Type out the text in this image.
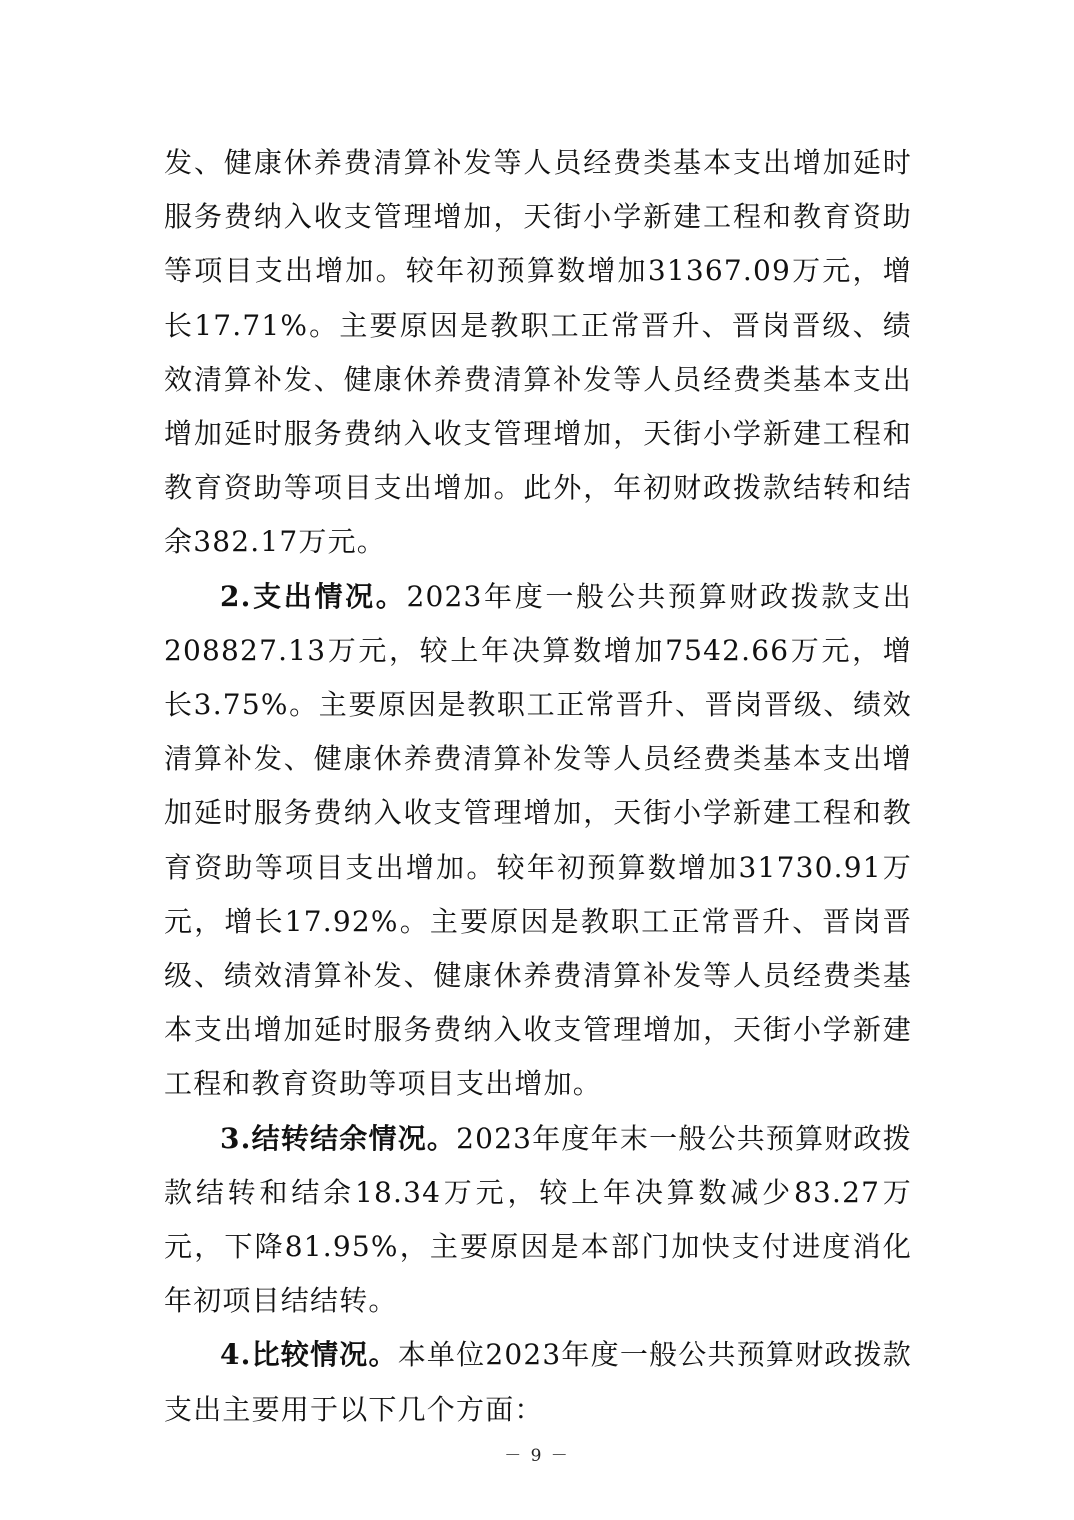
发、健康休养费清算补发等人员经费类基本支出增加延时服务费纳入收支管理增加，天街小学新建工程和教育资助等项目支出增加。较年初预算数增加31367.09万元，增长17.71%。主要原因是教职工正常晋升、晋岗晋级、绩效清算补发、健康休养费清算补发等人员经费类基本支出增加延时服务费纳入收支管理增加，天街小学新建工程和教育资助等项目支出增加。此外，年初财政拨款结转和结余382.17万元。

2.支出情况。2023年度一般公共预算财政拨款支出208827.13万元，较上年决算数增加7542.66万元，增长3.75%。主要原因是教职工正常晋升、晋岗晋级、绩效清算补发、健康休养费清算补发等人员经费类基本支出增加延时服务费纳入收支管理增加，天街小学新建工程和教育资助等项目支出增加。较年初预算数增加31730.91万元，增长17.92%。主要原因是教职工正常晋升、晋岗晋级、绩效清算补发、健康休养费清算补发等人员经费类基本支出增加延时服务费纳入收支管理增加，天街小学新建工程和教育资助等项目支出增加。

3.结转结余情况。2023年度年末一般公共预算财政拨款结转和结余18.34万元，较上年决算数减少83.27万元，下降81.95%，主要原因是本部门加快支付进度消化年初项目结结转。

4.比较情况。本单位2023年度一般公共预算财政拨款支出主要用于以下几个方面：

－ 9 －
